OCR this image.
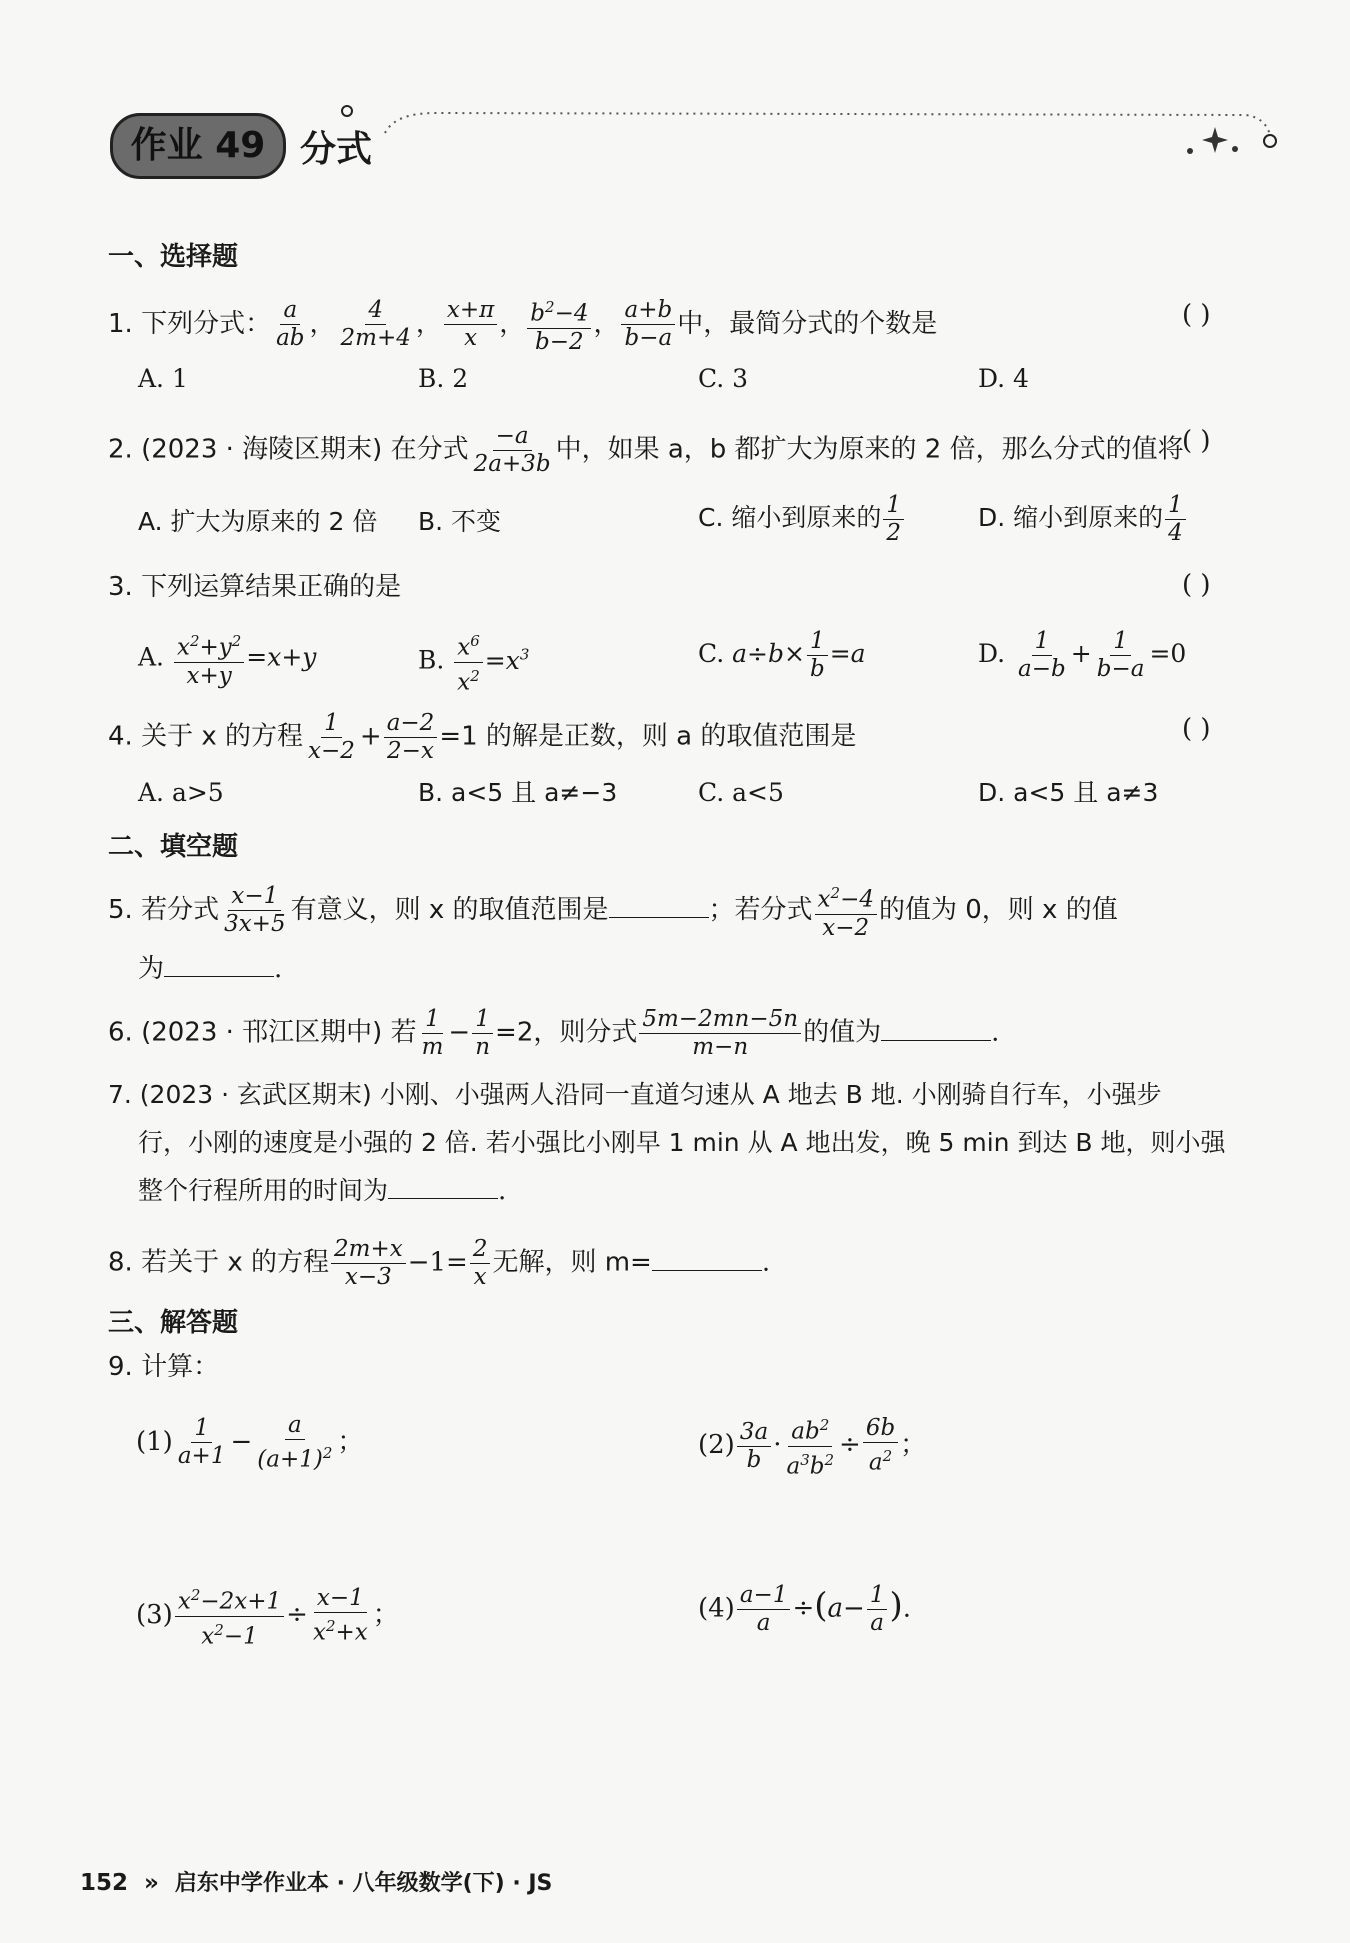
作业 49 分式
一、选择题
1. 下列分式： $\frac{a}{ab}$ ， $\frac{4}{2m+4}$ ， $\frac{x+\pi}{x}$ ， $\frac{b^2-4}{b-2}$ ， $\frac{a+b}{b-a}$ 中，最简分式的个数是	( )
A. 1	B. 2	C. 3	D. 4
2. (2023 · 海陵区期末) 在分式 $\frac{-a}{2a+3b}$ 中，如果 a，b 都扩大为原来的 2 倍，那么分式的值将
( )
A. 扩大为原来的 2 倍 B. 不变	C. 缩小到原来的 $\frac{1}{2}$	D. 缩小到原来的 $\frac{1}{4}$
3. 下列运算结果正确的是	( )
A. $\frac{x^2+y^2}{x+y} =x+y$	B. $\frac{x^6}{x^2} =x^3$	C. $a\div b\times \frac{1}{b} =a$	D. $\frac{1}{a-b} + \frac{1}{b-a} =0$
4. 关于 x 的方程 $\frac{1}{x-2} + \frac{a-2}{2-x} =1$ 的解是正数，则 a 的取值范围是	( )
A. a>5	B. a<5 且 a≠−3	C. a<5	D. a<5 且 a≠3
二、填空题
5. 若分式 $\frac{x-1}{3x+5}$ 有意义，则 x 的取值范围是	；若分式 $\frac{x^2-4}{x-2}$ 的值为 0，则 x 的值
为	.
6. (2023 · 邗江区期中) 若 $\frac{1}{m} - \frac{1}{n} =2$，则分式 $\frac{5m-2mn-5n}{m-n}$ 的值为	.
7. (2023 · 玄武区期末) 小刚、小强两人沿同一直道匀速从 A 地去 B 地. 小刚骑自行车，小强步
行，小刚的速度是小强的 2 倍. 若小强比小刚早 1 min 从 A 地出发，晚 5 min 到达 B 地，则小强
整个行程所用的时间为	.
8. 若关于 x 的方程 $\frac{2m+x}{x-3} -1= \frac{2}{x}$ 无解，则 m=	.
三、解答题
9. 计算：
$(1) \frac{1}{a+1} - \frac{a}{(a+1)^2}$ ；	$(2) \frac{3a}{b} \cdot \frac{ab^2}{a^3b^2} \div \frac{6b}{a^2}$ ；
$(3) \frac{x^2-2x+1}{x^2-1} \div \frac{x-1}{x^2+x}$ ；	$(4) \frac{a-1}{a} \div(a- \frac{1}{a}$ ).
152 » 启东中学作业本 · 八年级数学(下) · JS
